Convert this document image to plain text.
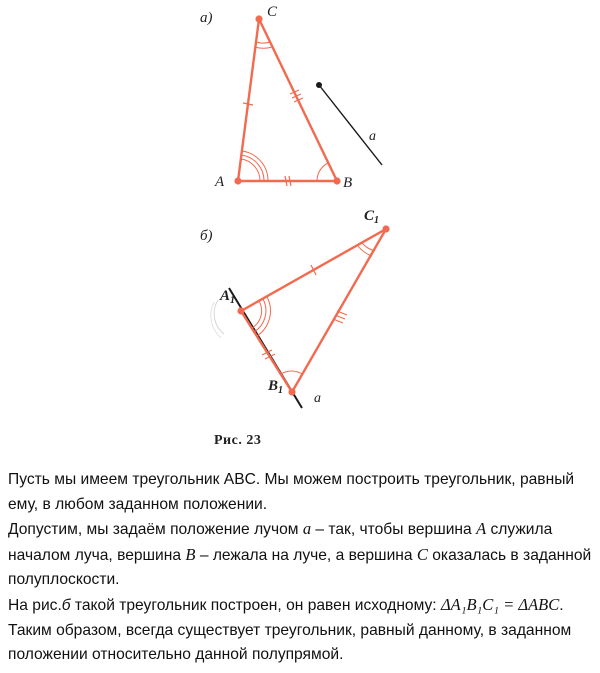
а)
A	B
C
a
б)
$A_1$
$B_1$
$C_1$
a
Рис. 23

Пусть мы имеем треугольник ABC. Мы можем построить треугольник, равный ему, в любом заданном положении.

Допустим, мы задаём положение лучом a – так, чтобы вершина A служила началом луча, вершина B – лежала на луче, а вершина C оказалась в заданной полуплоскости.

На рис.б такой треугольник построен, он равен исходному: ΔA₁B₁C₁ = ΔABC.

Таким образом, всегда существует треугольник, равный данному, в заданном положении относительно данной полупрямой.
